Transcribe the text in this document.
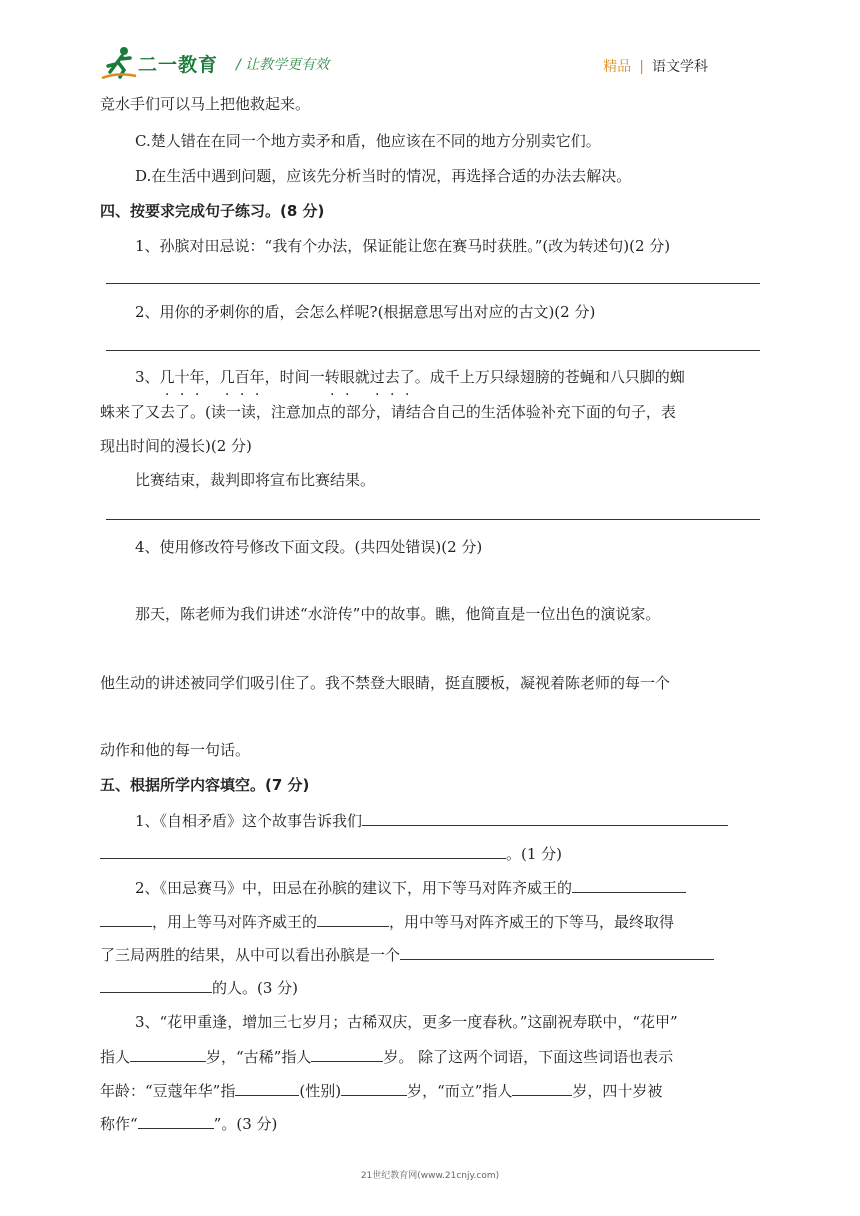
二一教育 / 让教学更有效	精品 | 语文学科
竞水手们可以马上把他救起来。
C.楚人错在在同一个地方卖矛和盾，他应该在不同的地方分别卖它们。
D.在生活中遇到问题，应该先分析当时的情况，再选择合适的办法去解决。
四、按要求完成句子练习。(8 分)
1、孙膑对田忌说：“我有个办法，保证能让您在赛马时获胜。”(改为转述句)(2 分)
2、用你的矛刺你的盾，会怎么样呢?(根据意思写出对应的古文)(2 分)
3、几十年，几百年，时间一转眼就过去了。成千上万只绿翅膀的苍蝇和八只脚的蜘
蛛来了又去了。(读一读，注意加点的部分，请结合自己的生活体验补充下面的句子，表
现出时间的漫长)(2 分)
比赛结束，裁判即将宣布比赛结果。
4、使用修改符号修改下面文段。(共四处错误)(2 分)
那天，陈老师为我们讲述“水浒传”中的故事。瞧，他简直是一位出色的演说家。
他生动的讲述被同学们吸引住了。我不禁登大眼睛，挺直腰板，凝视着陈老师的每一个
动作和他的每一句话。
五、根据所学内容填空。(7 分)
1、《自相矛盾》这个故事告诉我们
。(1 分)
2、《田忌赛马》中，田忌在孙膑的建议下，用下等马对阵齐威王的
，用上等马对阵齐威王的	，用中等马对阵齐威王的下等马，最终取得
了三局两胜的结果，从中可以看出孙膑是一个
的人。(3 分)
3、“花甲重逢，增加三七岁月；古稀双庆，更多一度春秋。”这副祝寿联中，“花甲”
指人	岁，“古稀”指人	岁。 除了这两个词语，下面这些词语也表示
年龄：“豆蔻年华”指	(性别)	岁，“而立”指人	岁，四十岁被
称作“	”。(3 分)
21世纪教育网(www.21cnjy.com)
